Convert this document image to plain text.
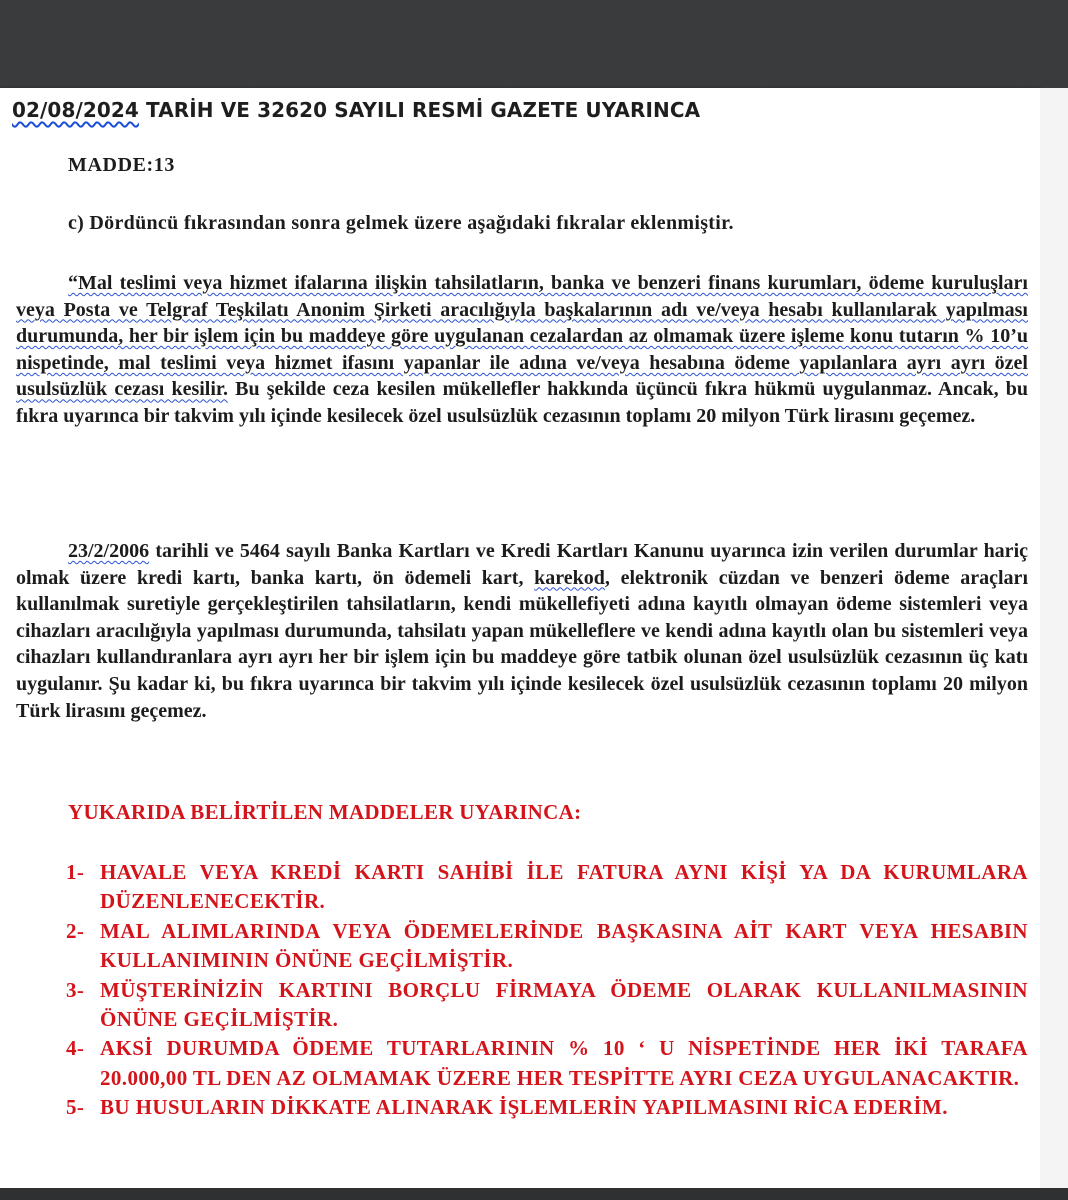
02/08/2024 TARİH VE 32620 SAYILI RESMİ GAZETE UYARINCA
MADDE:13
c) Dördüncü fıkrasından sonra gelmek üzere aşağıdaki fıkralar eklenmiştir.

“Mal teslimi veya hizmet ifalarına ilişkin tahsilatların, banka ve benzeri finans kurumları, ödeme kuruluşları veya Posta ve Telgraf Teşkilatı Anonim Şirketi aracılığıyla başkalarının adı ve/veya hesabı kullanılarak yapılması durumunda, her bir işlem için bu maddeye göre uygulanan cezalardan az olmamak üzere işleme konu tutarın % 10’u nispetinde, mal teslimi veya hizmet ifasını yapanlar ile adına ve/veya hesabına ödeme yapılanlara ayrı ayrı özel usulsüzlük cezası kesilir. Bu şekilde ceza kesilen mükellefler hakkında üçüncü fıkra hükmü uygulanmaz. Ancak, bu fıkra uyarınca bir takvim yılı içinde kesilecek özel usulsüzlük cezasının toplamı 20 milyon Türk lirasını geçemez.

23/2/2006 tarihli ve 5464 sayılı Banka Kartları ve Kredi Kartları Kanunu uyarınca izin verilen durumlar hariç olmak üzere kredi kartı, banka kartı, ön ödemeli kart, karekod, elektronik cüzdan ve benzeri ödeme araçları kullanılmak suretiyle gerçekleştirilen tahsilatların, kendi mükellefiyeti adına kayıtlı olmayan ödeme sistemleri veya cihazları aracılığıyla yapılması durumunda, tahsilatı yapan mükelleflere ve kendi adına kayıtlı olan bu sistemleri veya cihazları kullandıranlara ayrı ayrı her bir işlem için bu maddeye göre tatbik olunan özel usulsüzlük cezasının üç katı uygulanır. Şu kadar ki, bu fıkra uyarınca bir takvim yılı içinde kesilecek özel usulsüzlük cezasının toplamı 20 milyon Türk lirasını geçemez.

YUKARIDA BELİRTİLEN MADDELER UYARINCA:
1- HAVALE VEYA KREDİ KARTI SAHİBİ İLE FATURA AYNI KİŞİ YA DA KURUMLARA DÜZENLENECEKTİR.
2- MAL ALIMLARINDA VEYA ÖDEMELERİNDE BAŞKASINA AİT KART VEYA HESABIN KULLANIMININ ÖNÜNE GEÇİLMİŞTİR.
3- MÜŞTERİNİZİN KARTINI BORÇLU FİRMAYA ÖDEME OLARAK KULLANILMASININ ÖNÜNE GEÇİLMİŞTİR.
4- AKSİ DURUMDA ÖDEME TUTARLARININ % 10 ‘ U NİSPETİNDE HER İKİ TARAFA 20.000,00 TL DEN AZ OLMAMAK ÜZERE HER TESPİTTE AYRI CEZA UYGULANACAKTIR.
5- BU HUSULARIN DİKKATE ALINARAK İŞLEMLERİN YAPILMASINI RİCA EDERİM.
